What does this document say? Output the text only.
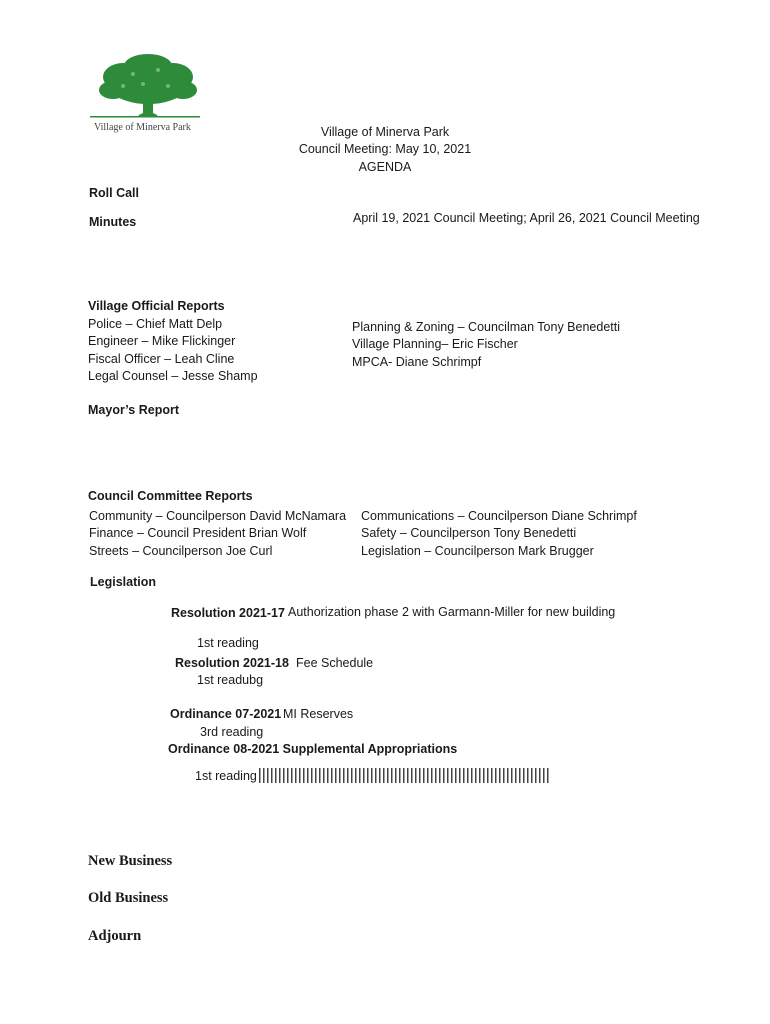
Village of Minerva Park	Village of Minerva Park
Council Meeting: May 10, 2021
AGENDA
Roll Call
Minutes	April 19, 2021 Council Meeting; April 26, 2021 Council Meeting
Village Official Reports
Police – Chief Matt Delp
Engineer – Mike Flickinger
Fiscal Officer – Leah Cline
Legal Counsel – Jesse Shamp
Planning & Zoning – Councilman Tony Benedetti
Village Planning– Eric Fischer
MPCA- Diane Schrimpf
Mayor’s Report
Council Committee Reports
Community – Councilperson David McNamara
Finance – Council President Brian Wolf
Streets – Councilperson Joe Curl
Communications – Councilperson Diane Schrimpf
Safety – Councilperson Tony Benedetti
Legislation – Councilperson Mark Brugger
Legislation
Resolution 2021-17 Authorization phase 2 with Garmann-Miller for new building
1st reading
Resolution 2021-18 Fee Schedule
1st readubg
Ordinance 07-2021 MI Reserves
3rd reading
Ordinance 08-2021 Supplemental Appropriations
1st reading
New Business
Old Business
Adjourn
